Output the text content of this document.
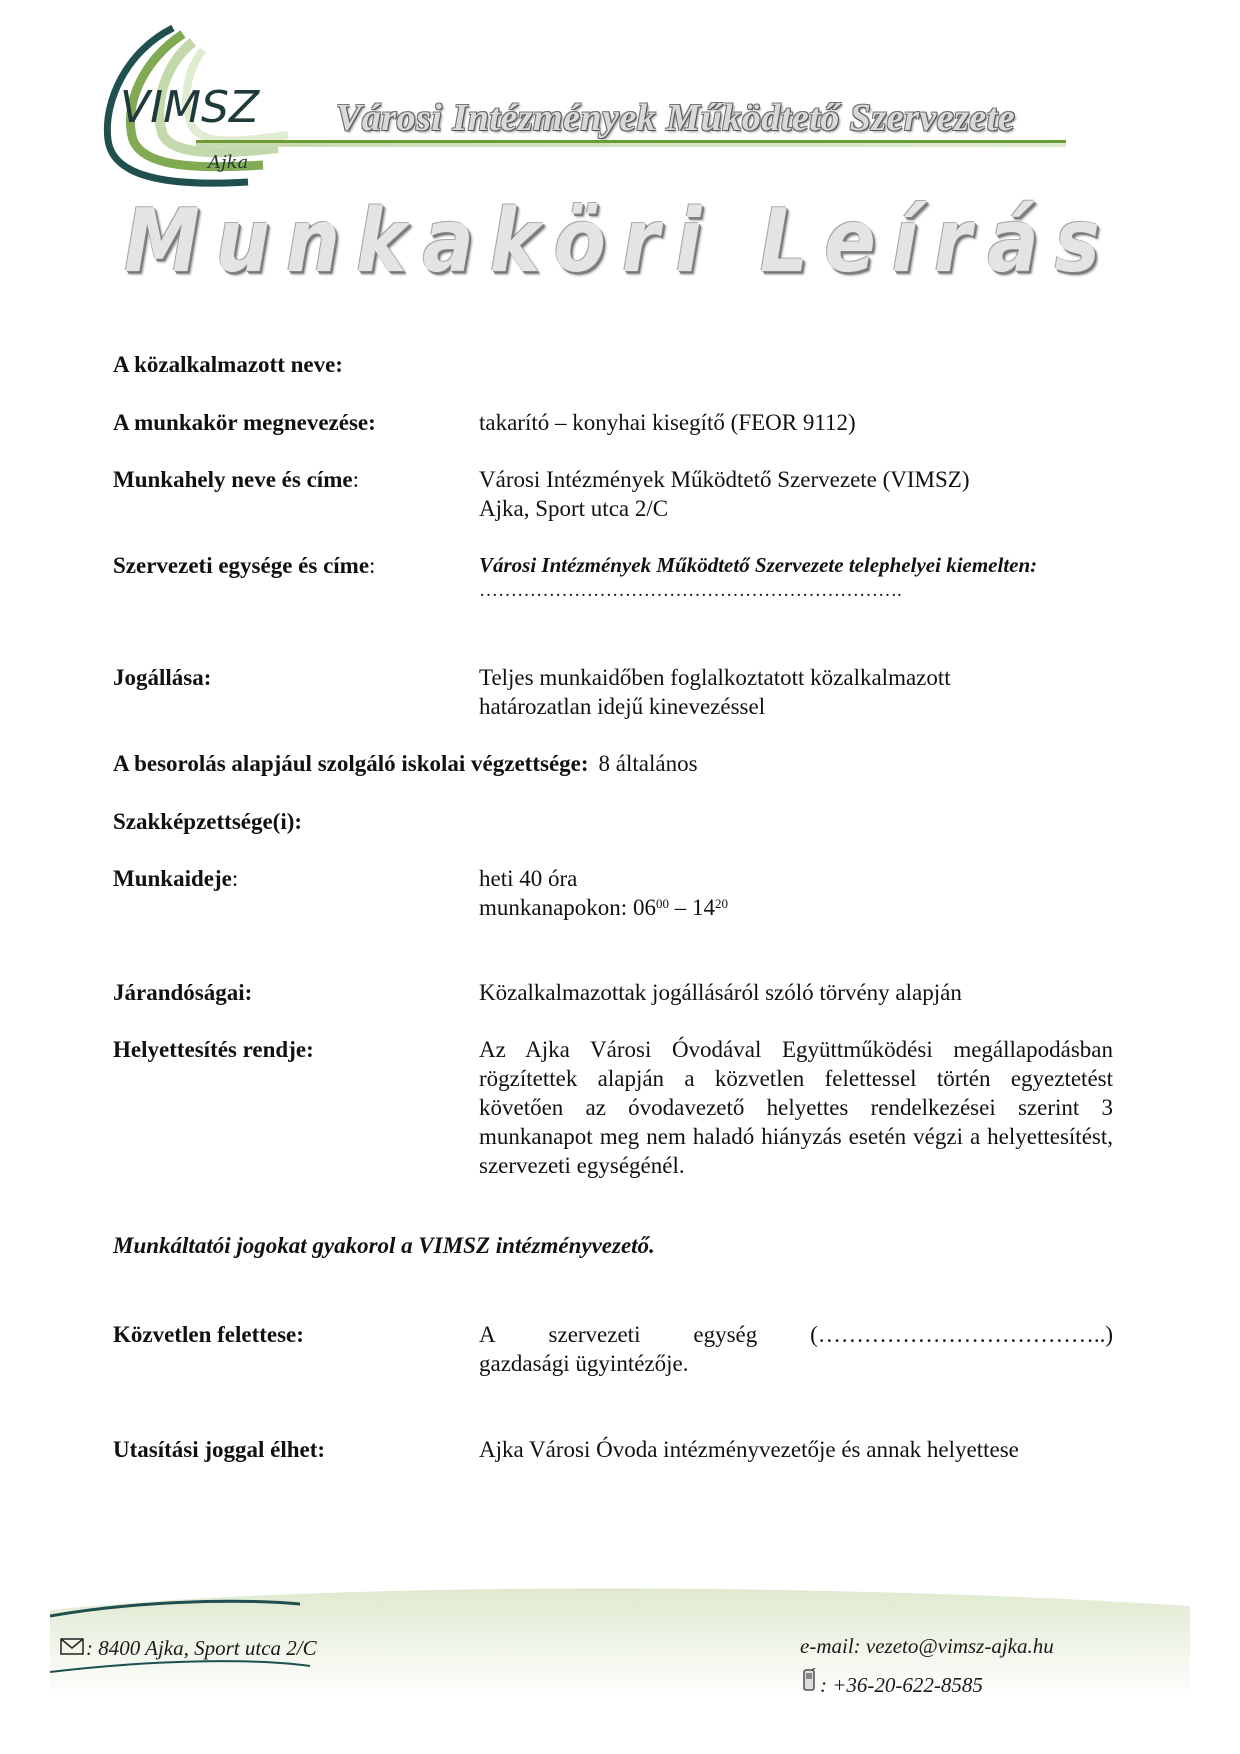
VIMSZ
Ajka
Városi Intézmények Működtető Szervezete
Munkaköri Leírás
A közalkalmazott neve:
A munkakör megnevezése:	takarító – konyhai kisegítő (FEOR 9112)
Munkahely neve és címe:	Városi Intézmények Működtető Szervezete (VIMSZ)
Ajka, Sport utca 2/C
Szervezeti egysége és címe:	Városi Intézmények Működtető Szervezete telephelyei kiemelten:
………………………………………………………….
Jogállása:	Teljes munkaidőben foglalkoztatott közalkalmazott
határozatlan idejű kinevezéssel
A besorolás alapjául szolgáló iskolai végzettsége: 8 általános
Szakképzettsége(i):
Munkaideje:	heti 40 óra
munkanapokon: $06^{00} - 14^{20}$
Járandóságai:	Közalkalmazottak jogállásáról szóló törvény alapján
Helyettesítés rendje:	Az Ajka Városi Óvodával Együttműködési megállapodásban rögzítettek alapján a közvetlen felettessel történ egyeztetést követően az óvodavezető helyettes rendelkezései szerint 3 munkanapot meg nem haladó hiányzás esetén végzi a helyettesítést, szervezeti egységénél.
Munkáltatói jogokat gyakorol a VIMSZ intézményvezető.
Közvetlen felettese:	A szervezeti egység (………………………………..)
gazdasági ügyintézője.
Utasítási joggal élhet:	Ajka Városi Óvoda intézményvezetője és annak helyettese
: 8400 Ajka, Sport utca 2/C	e-mail: vezeto@vimsz-ajka.hu
: +36-20-622-8585
